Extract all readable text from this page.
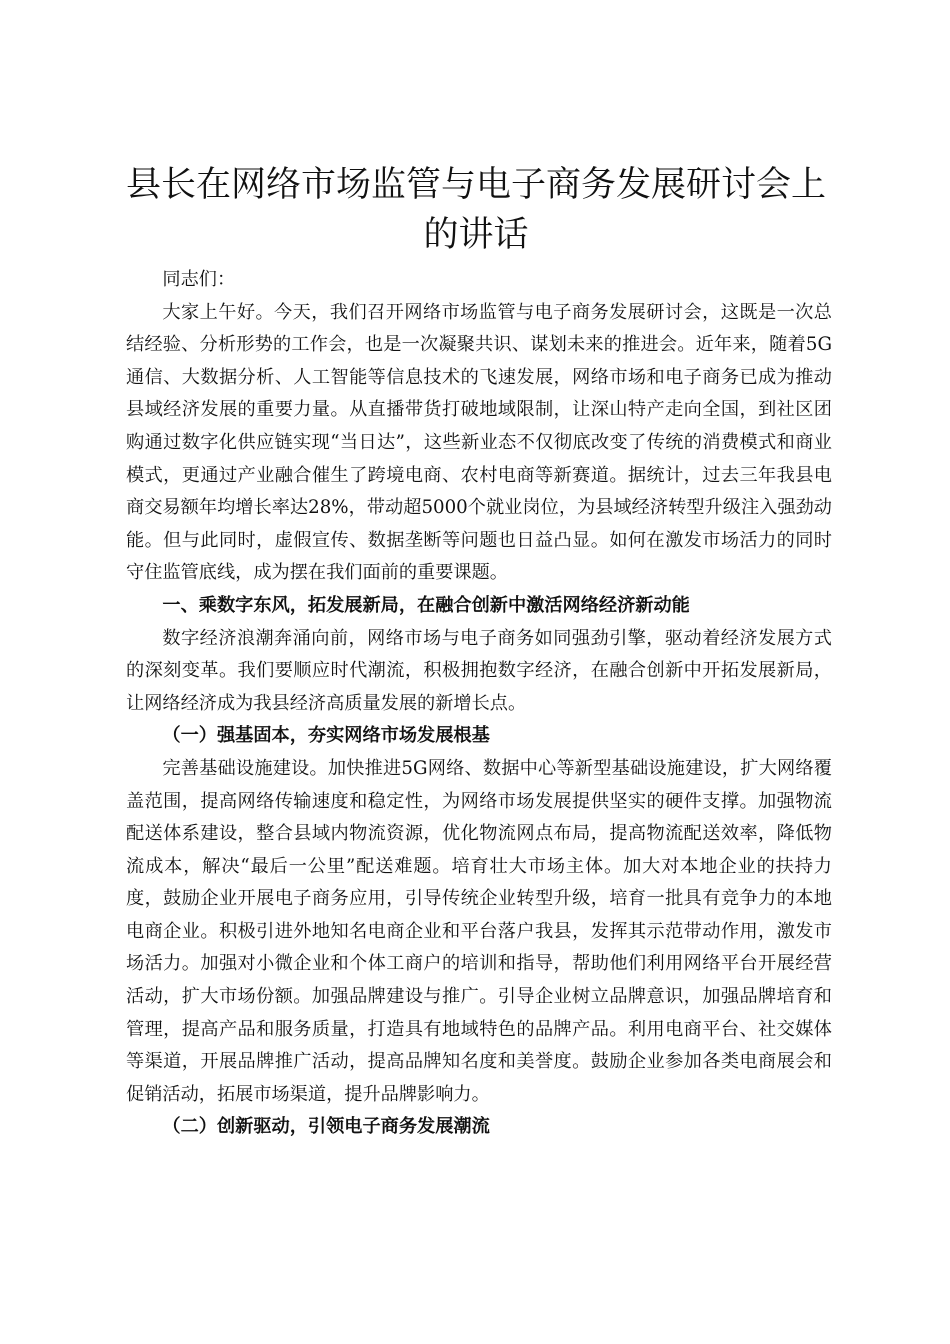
县长在网络市场监管与电子商务发展研讨会上的讲话

同志们：

大家上午好。今天，我们召开网络市场监管与电子商务发展研讨会，这既是一次总结经验、分析形势的工作会，也是一次凝聚共识、谋划未来的推进会。近年来，随着5G通信、大数据分析、人工智能等信息技术的飞速发展，网络市场和电子商务已成为推动县域经济发展的重要力量。从直播带货打破地域限制，让深山特产走向全国，到社区团购通过数字化供应链实现“当日达”，这些新业态不仅彻底改变了传统的消费模式和商业模式，更通过产业融合催生了跨境电商、农村电商等新赛道。据统计，过去三年我县电商交易额年均增长率达28%，带动超5000个就业岗位，为县域经济转型升级注入强劲动能。但与此同时，虚假宣传、数据垄断等问题也日益凸显。如何在激发市场活力的同时守住监管底线，成为摆在我们面前的重要课题。

一、乘数字东风，拓发展新局，在融合创新中激活网络经济新动能

数字经济浪潮奔涌向前，网络市场与电子商务如同强劲引擎，驱动着经济发展方式的深刻变革。我们要顺应时代潮流，积极拥抱数字经济，在融合创新中开拓发展新局，让网络经济成为我县经济高质量发展的新增长点。

（一）强基固本，夯实网络市场发展根基

完善基础设施建设。加快推进5G网络、数据中心等新型基础设施建设，扩大网络覆盖范围，提高网络传输速度和稳定性，为网络市场发展提供坚实的硬件支撑。加强物流配送体系建设，整合县域内物流资源，优化物流网点布局，提高物流配送效率，降低物流成本，解决“最后一公里”配送难题。培育壮大市场主体。加大对本地企业的扶持力度，鼓励企业开展电子商务应用，引导传统企业转型升级，培育一批具有竞争力的本地电商企业。积极引进外地知名电商企业和平台落户我县，发挥其示范带动作用，激发市场活力。加强对小微企业和个体工商户的培训和指导，帮助他们利用网络平台开展经营活动，扩大市场份额。加强品牌建设与推广。引导企业树立品牌意识，加强品牌培育和管理，提高产品和服务质量，打造具有地域特色的品牌产品。利用电商平台、社交媒体等渠道，开展品牌推广活动，提高品牌知名度和美誉度。鼓励企业参加各类电商展会和促销活动，拓展市场渠道，提升品牌影响力。

（二）创新驱动，引领电子商务发展潮流
